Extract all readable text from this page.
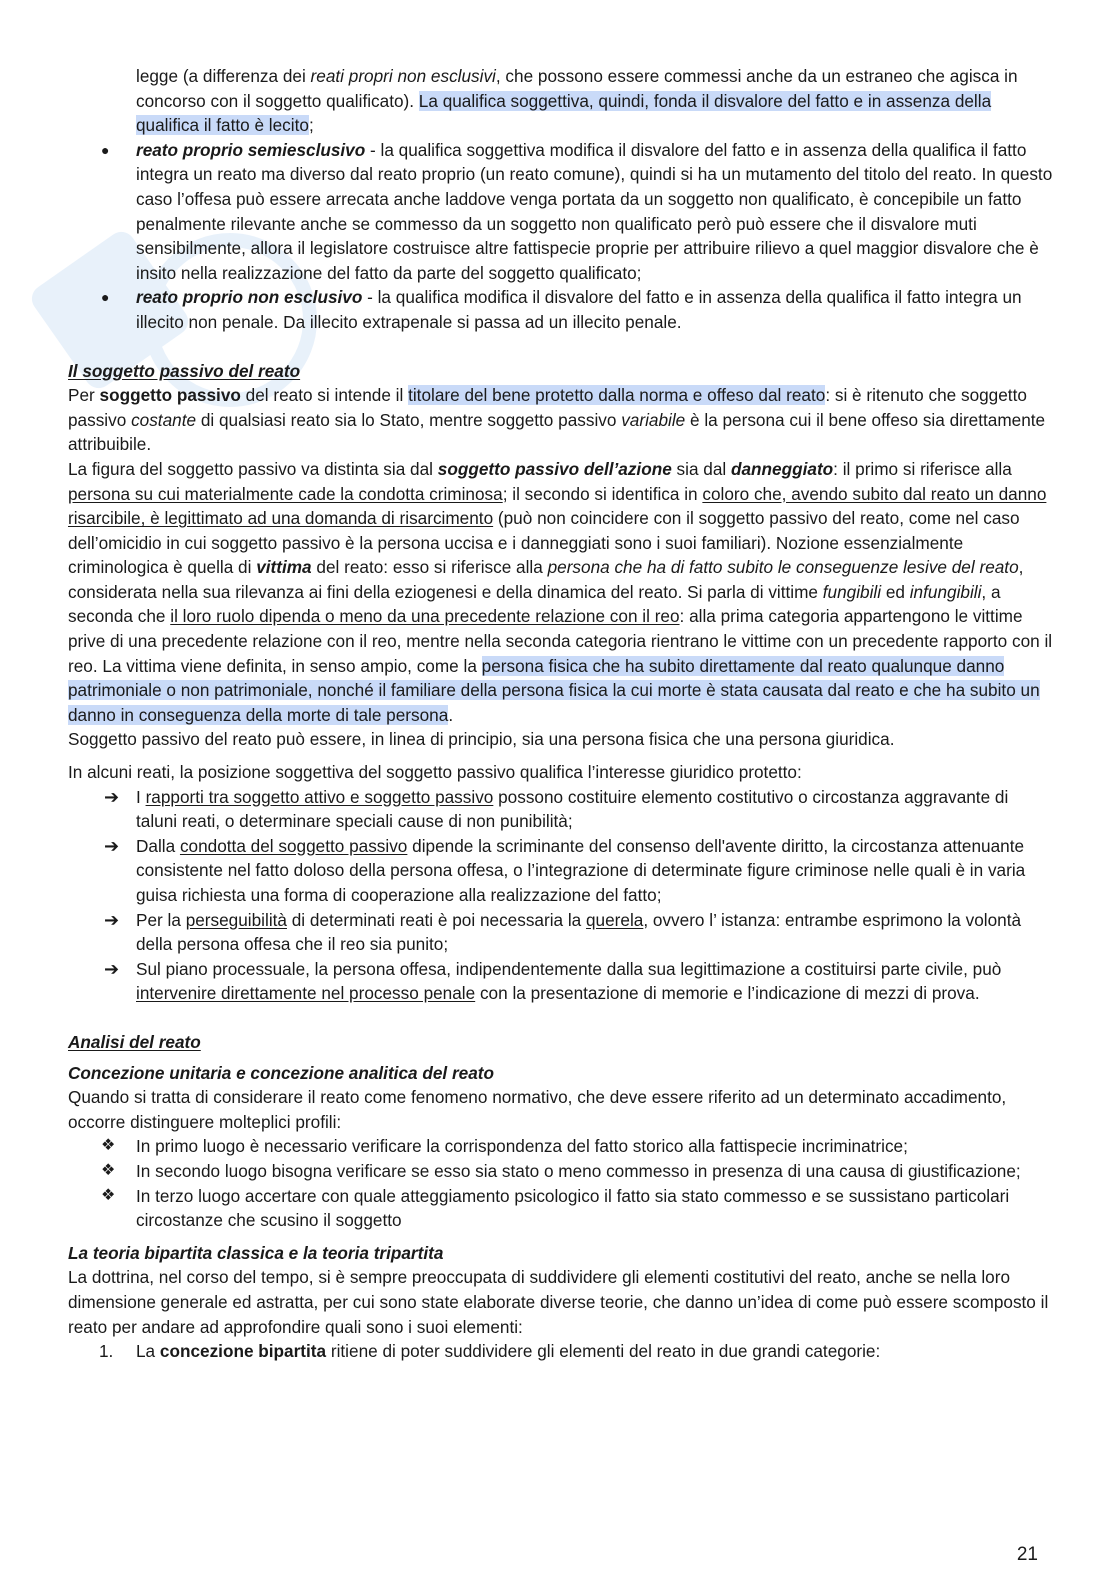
legge (a differenza dei reati propri non esclusivi, che possono essere commessi anche da un estraneo che agisca in concorso con il soggetto qualificato). La qualifica soggettiva, quindi, fonda il disvalore del fatto e in assenza della qualifica il fatto è lecito;

●	reato proprio semiesclusivo - la qualifica soggettiva modifica il disvalore del fatto e in assenza della qualifica il fatto integra un reato ma diverso dal reato proprio (un reato comune), quindi si ha un mutamento del titolo del reato. In questo caso l’offesa può essere arrecata anche laddove venga portata da un soggetto non qualificato, è concepibile un fatto penalmente rilevante anche se commesso da un soggetto non qualificato però può essere che il disvalore muti sensibilmente, allora il legislatore costruisce altre fattispecie proprie per attribuire rilievo a quel maggior disvalore che è insito nella realizzazione del fatto da parte del soggetto qualificato;
●	reato proprio non esclusivo - la qualifica modifica il disvalore del fatto e in assenza della qualifica il fatto integra un illecito non penale. Da illecito extrapenale si passa ad un illecito penale.
Il soggetto passivo del reato

Per soggetto passivo del reato si intende il titolare del bene protetto dalla norma e offeso dal reato: si è ritenuto che soggetto passivo costante di qualsiasi reato sia lo Stato, mentre soggetto passivo variabile è la persona cui il bene offeso sia direttamente attribuibile.

La figura del soggetto passivo va distinta sia dal soggetto passivo dell’azione sia dal danneggiato: il primo si riferisce alla persona su cui materialmente cade la condotta criminosa; il secondo si identifica in coloro che, avendo subito dal reato un danno risarcibile, è legittimato ad una domanda di risarcimento (può non coincidere con il soggetto passivo del reato, come nel caso dell’omicidio in cui soggetto passivo è la persona uccisa e i danneggiati sono i suoi familiari). Nozione essenzialmente criminologica è quella di vittima del reato: esso si riferisce alla persona che ha di fatto subito le conseguenze lesive del reato, considerata nella sua rilevanza ai fini della eziogenesi e della dinamica del reato. Si parla di vittime fungibili ed infungibili, a seconda che il loro ruolo dipenda o meno da una precedente relazione con il reo: alla prima categoria appartengono le vittime prive di una precedente relazione con il reo, mentre nella seconda categoria rientrano le vittime con un precedente rapporto con il reo. La vittima viene definita, in senso ampio, come la persona fisica che ha subito direttamente dal reato qualunque danno patrimoniale o non patrimoniale, nonché il familiare della persona fisica la cui morte è stata causata dal reato e che ha subito un danno in conseguenza della morte di tale persona.

Soggetto passivo del reato può essere, in linea di principio, sia una persona fisica che una persona giuridica.

In alcuni reati, la posizione soggettiva del soggetto passivo qualifica l’interesse giuridico protetto:

➔ I rapporti tra soggetto attivo e soggetto passivo possono costituire elemento costitutivo o circostanza aggravante di taluni reati, o determinare speciali cause di non punibilità;
➔ Dalla condotta del soggetto passivo dipende la scriminante del consenso dell'avente diritto, la circostanza attenuante consistente nel fatto doloso della persona offesa, o l’integrazione di determinate figure criminose nelle quali è in varia guisa richiesta una forma di cooperazione alla realizzazione del fatto;
➔ Per la perseguibilità di determinati reati è poi necessaria la querela, ovvero l’ istanza: entrambe esprimono la volontà della persona offesa che il reo sia punito;
➔ Sul piano processuale, la persona offesa, indipendentemente dalla sua legittimazione a costituirsi parte civile, può intervenire direttamente nel processo penale con la presentazione di memorie e l’indicazione di mezzi di prova.
Analisi del reato
Concezione unitaria e concezione analitica del reato

Quando si tratta di considerare il reato come fenomeno normativo, che deve essere riferito ad un determinato accadimento, occorre distinguere molteplici profili:

❖	In primo luogo è necessario verificare la corrispondenza del fatto storico alla fattispecie incriminatrice;
❖	In secondo luogo bisogna verificare se esso sia stato o meno commesso in presenza di una causa di giustificazione;
❖	In terzo luogo accertare con quale atteggiamento psicologico il fatto sia stato commesso e se sussistano particolari circostanze che scusino il soggetto
La teoria bipartita classica e la teoria tripartita

La dottrina, nel corso del tempo, si è sempre preoccupata di suddividere gli elementi costitutivi del reato, anche se nella loro dimensione generale ed astratta, per cui sono state elaborate diverse teorie, che danno un’idea di come può essere scomposto il reato per andare ad approfondire quali sono i suoi elementi:

1.	La concezione bipartita ritiene di poter suddividere gli elementi del reato in due grandi categorie:
21
